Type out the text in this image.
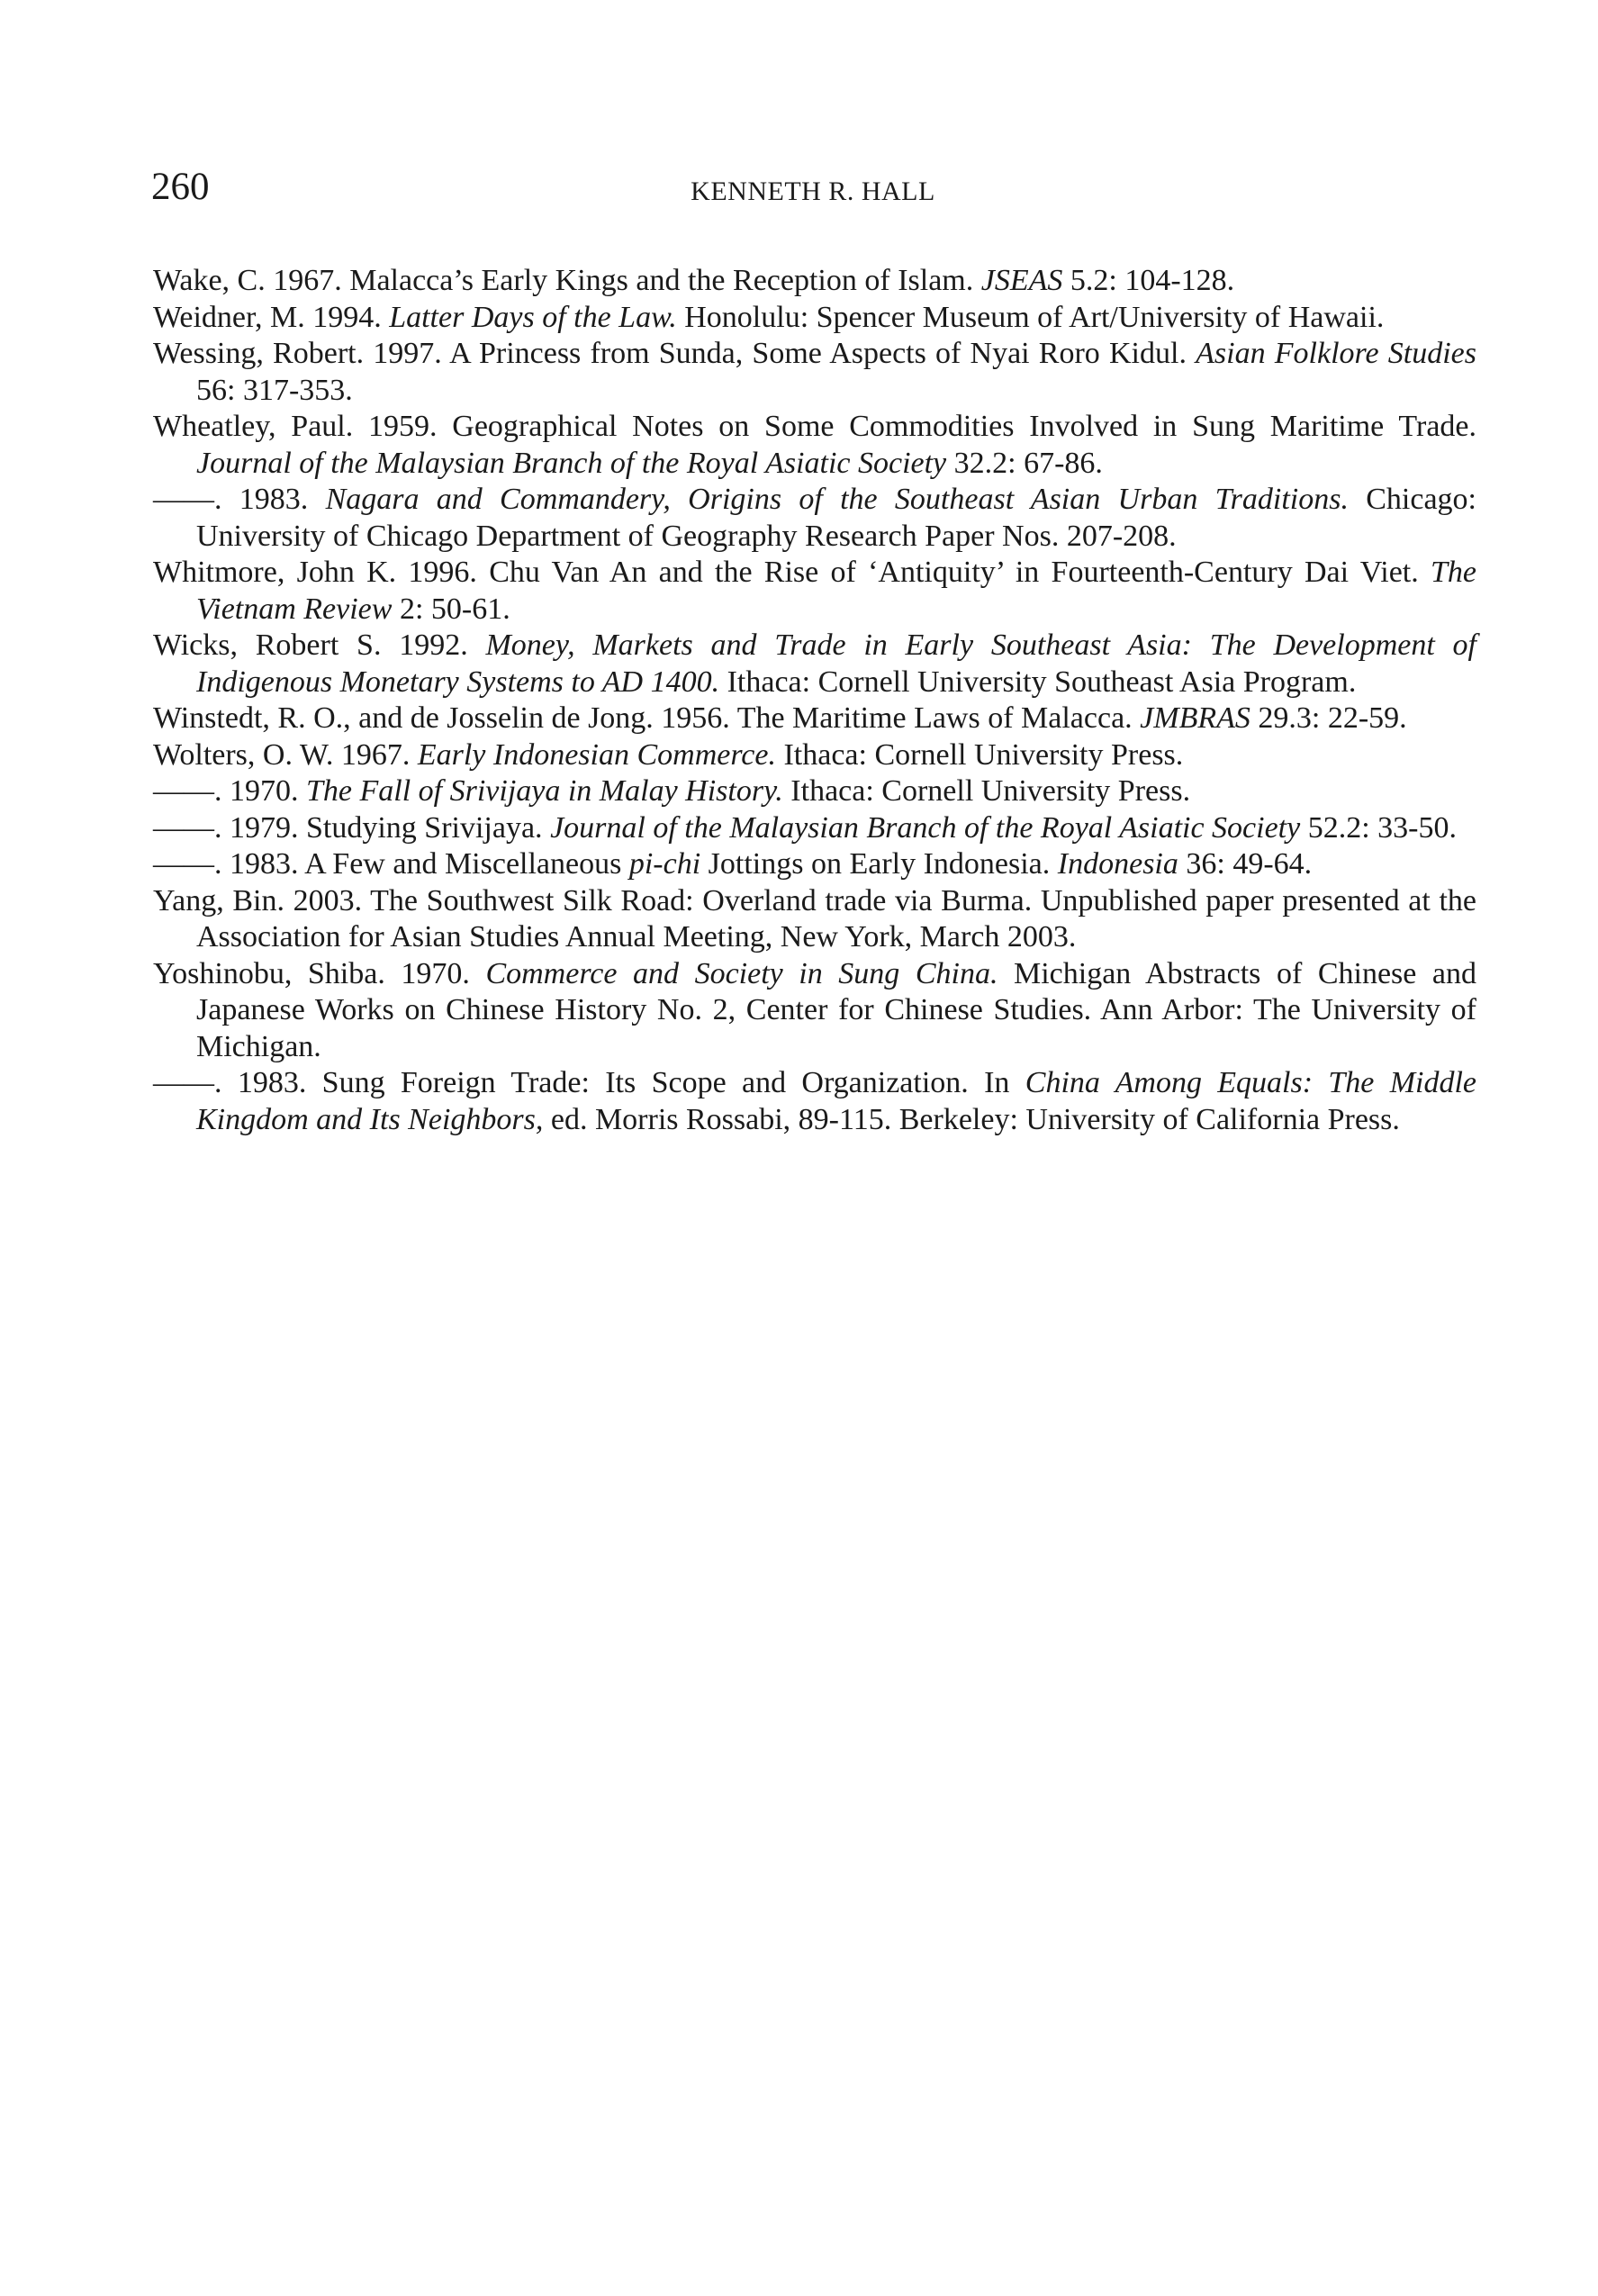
260	KENNETH R. HALL
Wake, C. 1967. Malacca’s Early Kings and the Reception of Islam. JSEAS 5.2: 104-128.
Weidner, M. 1994. Latter Days of the Law. Honolulu: Spencer Museum of Art/University of Hawaii.
Wessing, Robert. 1997. A Princess from Sunda, Some Aspects of Nyai Roro Kidul. Asian Folklore Studies 56: 317-353.
Wheatley, Paul. 1959. Geographical Notes on Some Commodities Involved in Sung Maritime Trade. Journal of the Malaysian Branch of the Royal Asiatic Society 32.2: 67-86.
——. 1983. Nagara and Commandery, Origins of the Southeast Asian Urban Traditions. Chicago: University of Chicago Department of Geography Research Paper Nos. 207-208.
Whitmore, John K. 1996. Chu Van An and the Rise of ‘Antiquity’ in Fourteenth-Century Dai Viet. The Vietnam Review 2: 50-61.
Wicks, Robert S. 1992. Money, Markets and Trade in Early Southeast Asia: The Development of Indigenous Monetary Systems to AD 1400. Ithaca: Cornell University Southeast Asia Program.
Winstedt, R. O., and de Josselin de Jong. 1956. The Maritime Laws of Malacca. JMBRAS 29.3: 22-59.
Wolters, O. W. 1967. Early Indonesian Commerce. Ithaca: Cornell University Press.
——. 1970. The Fall of Srivijaya in Malay History. Ithaca: Cornell University Press.
——. 1979. Studying Srivijaya. Journal of the Malaysian Branch of the Royal Asiatic Society 52.2: 33-50.
——. 1983. A Few and Miscellaneous pi-chi Jottings on Early Indonesia. Indonesia 36: 49-64.
Yang, Bin. 2003. The Southwest Silk Road: Overland trade via Burma. Unpublished paper presented at the Association for Asian Studies Annual Meeting, New York, March 2003.
Yoshinobu, Shiba. 1970. Commerce and Society in Sung China. Michigan Abstracts of Chinese and Japanese Works on Chinese History No. 2, Center for Chinese Studies. Ann Arbor: The University of Michigan.
——. 1983. Sung Foreign Trade: Its Scope and Organization. In China Among Equals: The Middle Kingdom and Its Neighbors, ed. Morris Rossabi, 89-115. Berkeley: University of California Press.
